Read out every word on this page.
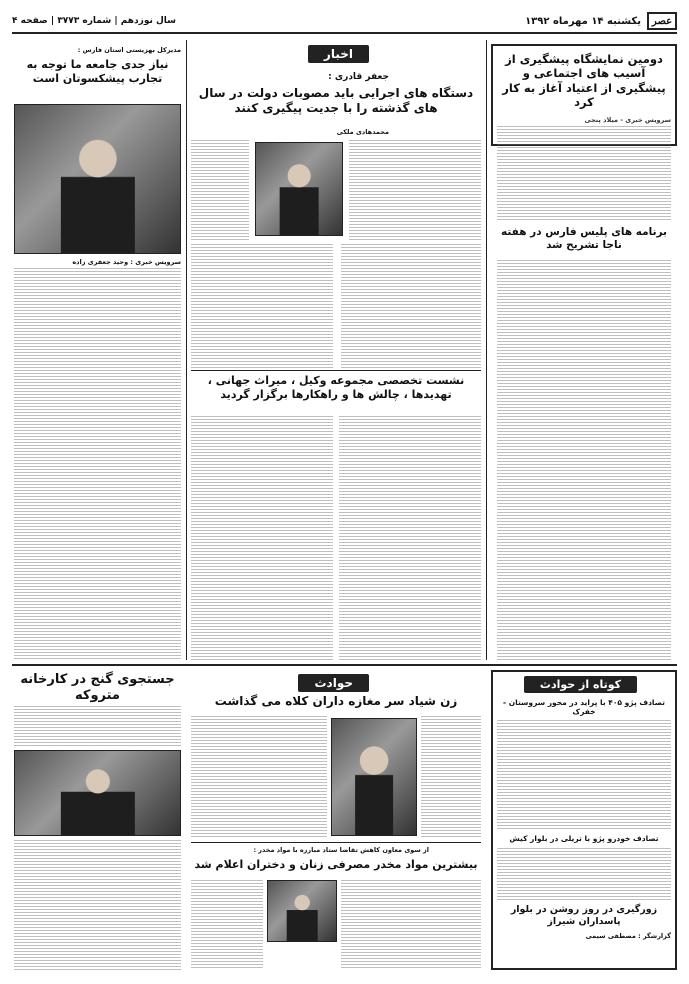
عصر
یکشنبه ۱۴ مهرماه ۱۳۹۲
سال نوزدهم | شماره ۳۷۷۳ | صفحه ۴
دومین نمایشگاه پیشگیری از آسیب های اجتماعی و پیشگیری از اعتیاد آغاز به کار کرد
سرویس خبری - میلاد پنجی
برنامه های پلیس فارس در هفته ناجا تشریح شد
اخبار
جعفر قادری :
دستگاه های اجرایی باید مصوبات دولت در سال های گذشته را با جدیت پیگیری کنند
محمدهادی ملکی
نشست تخصصی مجموعه وکیل ، میراث جهانی ، تهدیدها ، چالش ها و راهکارها برگزار گردید
مدیرکل بهزیستی استان فارس :
نیاز جدی جامعه ما توجه به تجارب پیشکسوتان است
سرویس خبری : وحید جعفری زاده
کوتاه از حوادث
تصادف پژو ۴۰۵ با پراید در محور سروستان - خفرک
تصادف خودرو پژو با تریلی در بلوار کیش
حوادث
زن شیاد سر مغازه داران کلاه می گذاشت
از سوی معاون کاهش تقاضا ستاد مبارزه با مواد مخدر :
بیشترین مواد مخدر مصرفی زنان و دختران اعلام شد
جستجوی گنج در کارخانه متروکه
زورگیری در روز روشن در بلوار پاسداران شیراز
گزارشگر : مصطفی سیمی
